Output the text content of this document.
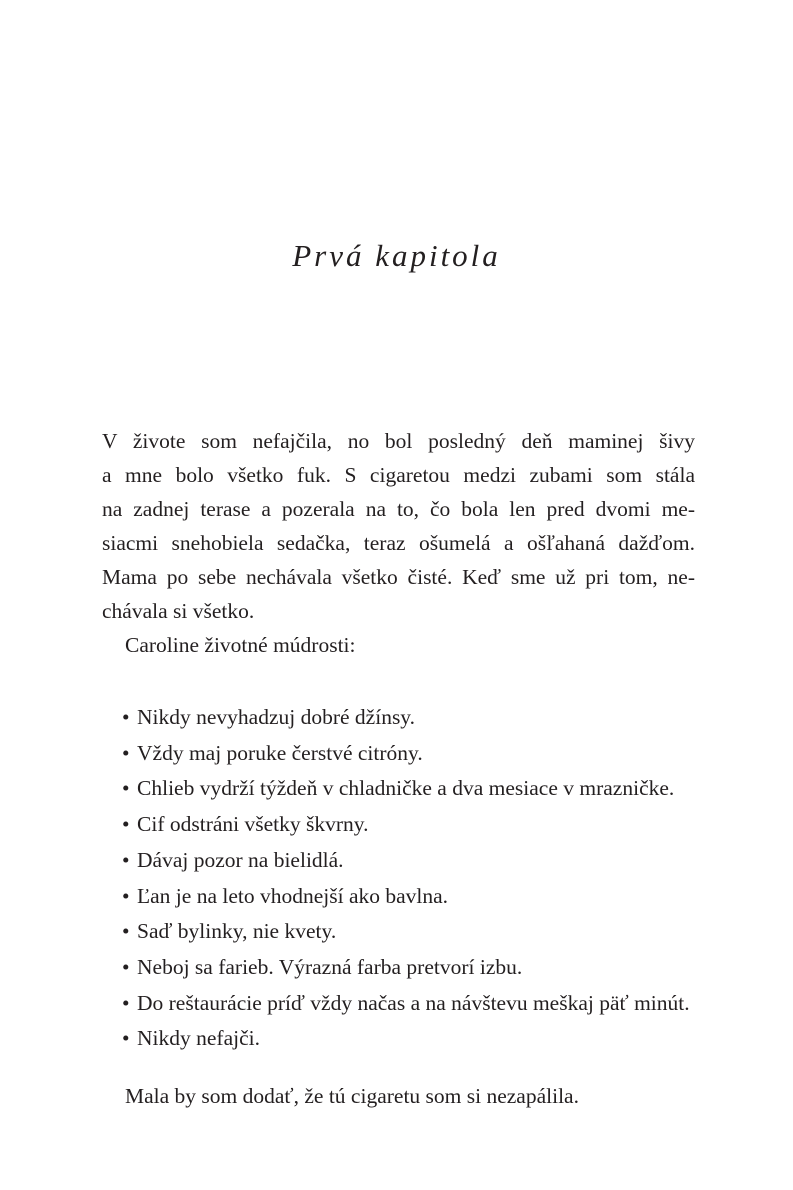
Prvá kapitola
V živote som nefajčila, no bol posledný deň maminej šivy
a mne bolo všetko fuk. S cigaretou medzi zubami som stála
na zadnej terase a pozerala na to, čo bola len pred dvomi me-
siacmi snehobiela sedačka, teraz ošumelá a ošľahaná dažďom.
Mama po sebe nechávala všetko čisté. Keď sme už pri tom, ne-
chávala si všetko.
Caroline životné múdrosti:
• Nikdy nevyhadzuj dobré džínsy.
• Vždy maj poruke čerstvé citróny.
• Chlieb vydrží týždeň v chladničke a dva mesiace v mrazničke.
• Cif odstráni všetky škvrny.
• Dávaj pozor na bielidlá.
• Ľan je na leto vhodnejší ako bavlna.
• Saď bylinky, nie kvety.
• Neboj sa farieb. Výrazná farba pretvorí izbu.
• Do reštaurácie príď vždy načas a na návštevu meškaj päť minút.
• Nikdy nefajči.
Mala by som dodať, že tú cigaretu som si nezapálila.
